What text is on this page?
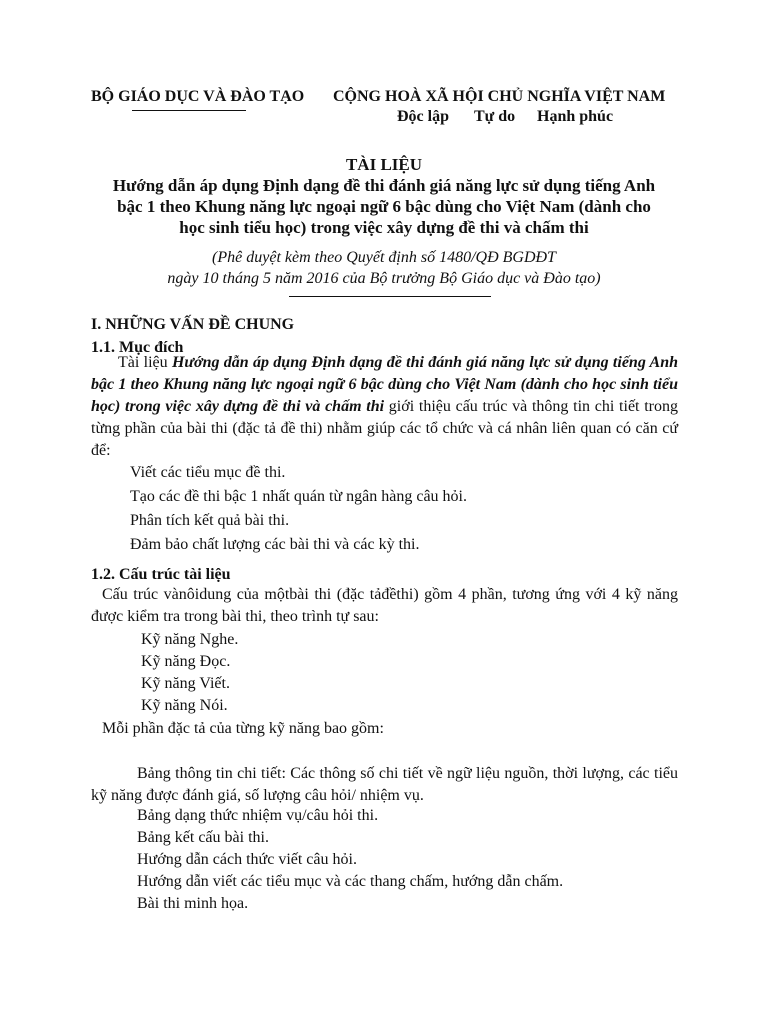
BỘ GIÁO DỤC VÀ ĐÀO TẠO CỘNG HOÀ XÃ HỘI CHỦ NGHĨA VIỆT NAM
Độc lập Tự do Hạnh phúc
TÀI LIỆU
Hướng dẫn áp dụng Định dạng đề thi đánh giá năng lực sử dụng tiếng Anh
bậc 1 theo Khung năng lực ngoại ngữ 6 bậc dùng cho Việt Nam (dành cho
học sinh tiểu học) trong việc xây dựng đề thi và chấm thi
(Phê duyệt kèm theo Quyết định số 1480/QĐ BGDĐT
ngày 10 tháng 5 năm 2016 của Bộ trưởng Bộ Giáo dục và Đào tạo)
I. NHỮNG VẤN ĐỀ CHUNG
1.1. Mục đích
Tài liệu Hướng dẫn áp dụng Định dạng đề thi đánh giá năng lực sử dụng tiếng Anh bậc 1 theo Khung năng lực ngoại ngữ 6 bậc dùng cho Việt Nam (dành cho học sinh tiểu học) trong việc xây dựng đề thi và chấm thi giới thiệu cấu trúc và thông tin chi tiết trong từng phần của bài thi (đặc tả đề thi) nhằm giúp các tổ chức và cá nhân liên quan có căn cứ để:
Viết các tiểu mục đề thi.
Tạo các đề thi bậc 1 nhất quán từ ngân hàng câu hỏi.
Phân tích kết quả bài thi.
Đảm bảo chất lượng các bài thi và các kỳ thi.
1.2. Cấu trúc tài liệu
Cấu trúc vànôidung của mộtbài thi (đặc tảđềthi) gồm 4 phần, tương ứng với 4 kỹ năng được kiểm tra trong bài thi, theo trình tự sau:
Kỹ năng Nghe.
Kỹ năng Đọc.
Kỹ năng Viết.
Kỹ năng Nói.
Mỗi phần đặc tả của từng kỹ năng bao gồm:
Bảng thông tin chi tiết: Các thông số chi tiết về ngữ liệu nguồn, thời lượng, các tiểu kỹ năng được đánh giá, số lượng câu hỏi/ nhiệm vụ.
Bảng dạng thức nhiệm vụ/câu hỏi thi.
Bảng kết cấu bài thi.
Hướng dẫn cách thức viết câu hỏi.
Hướng dẫn viết các tiểu mục và các thang chấm, hướng dẫn chấm.
Bài thi minh họa.
